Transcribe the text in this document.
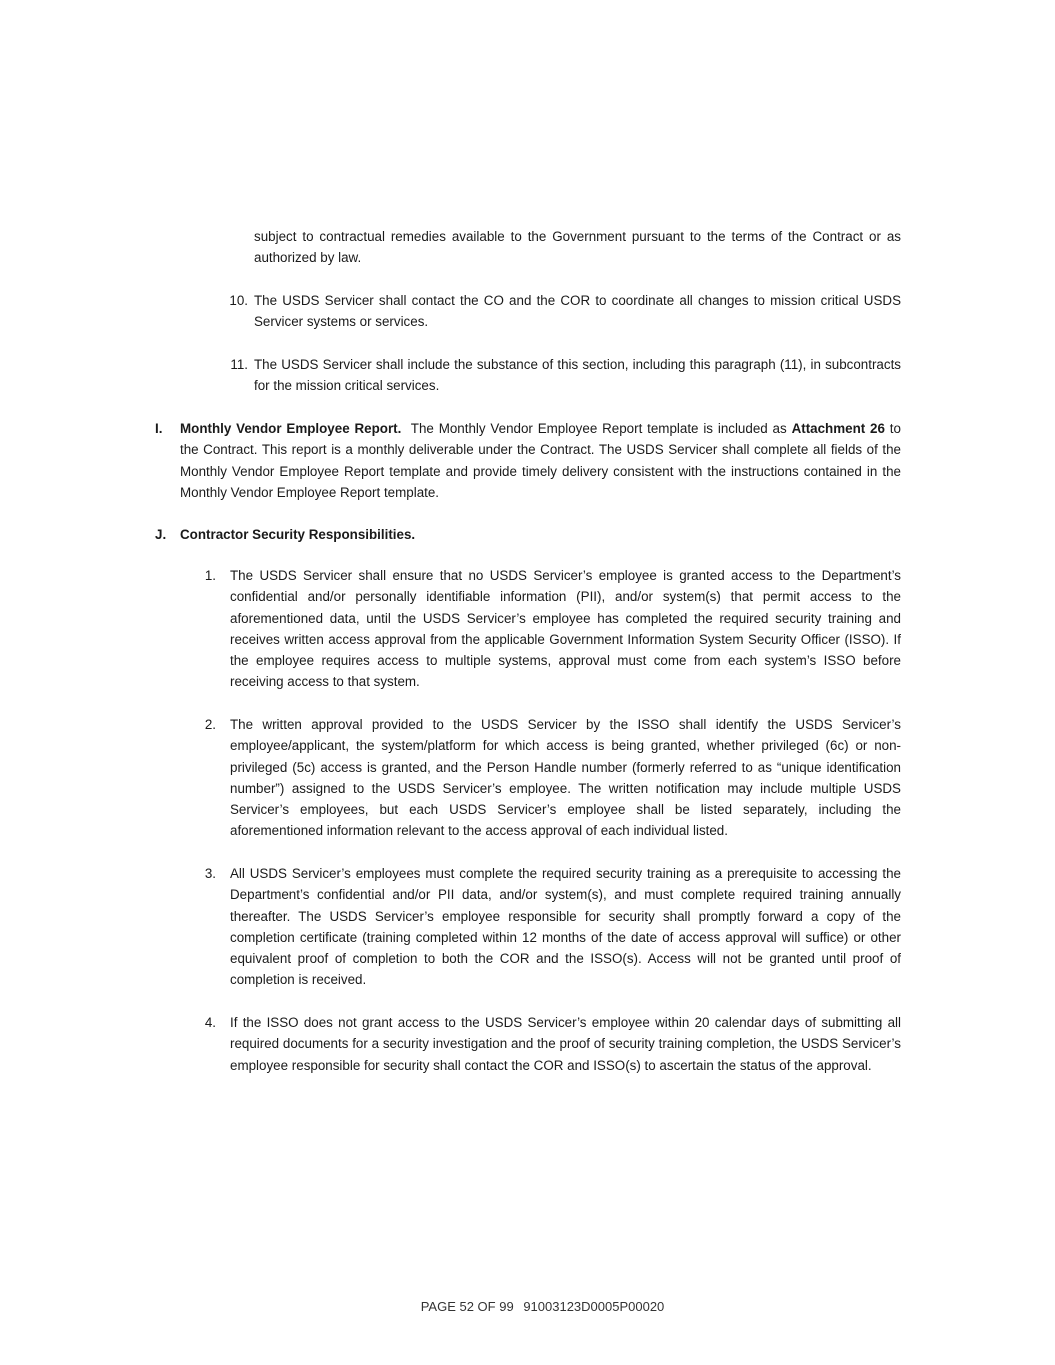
subject to contractual remedies available to the Government pursuant to the terms of the Contract or as authorized by law.

10. The USDS Servicer shall contact the CO and the COR to coordinate all changes to mission critical USDS Servicer systems or services.

11. The USDS Servicer shall include the substance of this section, including this paragraph (11), in subcontracts for the mission critical services.

I. Monthly Vendor Employee Report. The Monthly Vendor Employee Report template is included as Attachment 26 to the Contract. This report is a monthly deliverable under the Contract. The USDS Servicer shall complete all fields of the Monthly Vendor Employee Report template and provide timely delivery consistent with the instructions contained in the Monthly Vendor Employee Report template.

J. Contractor Security Responsibilities.
1. The USDS Servicer shall ensure that no USDS Servicer’s employee is granted access to the Department’s confidential and/or personally identifiable information (PII), and/or system(s) that permit access to the aforementioned data, until the USDS Servicer’s employee has completed the required security training and receives written access approval from the applicable Government Information System Security Officer (ISSO). If the employee requires access to multiple systems, approval must come from each system’s ISSO before receiving access to that system.

2. The written approval provided to the USDS Servicer by the ISSO shall identify the USDS Servicer’s employee/applicant, the system/platform for which access is being granted, whether privileged (6c) or non-privileged (5c) access is granted, and the Person Handle number (formerly referred to as “unique identification number”) assigned to the USDS Servicer’s employee. The written notification may include multiple USDS Servicer’s employees, but each USDS Servicer’s employee shall be listed separately, including the aforementioned information relevant to the access approval of each individual listed.

3. All USDS Servicer’s employees must complete the required security training as a prerequisite to accessing the Department’s confidential and/or PII data, and/or system(s), and must complete required training annually thereafter. The USDS Servicer’s employee responsible for security shall promptly forward a copy of the completion certificate (training completed within 12 months of the date of access approval will suffice) or other equivalent proof of completion to both the COR and the ISSO(s). Access will not be granted until proof of completion is received.

4. If the ISSO does not grant access to the USDS Servicer’s employee within 20 calendar days of submitting all required documents for a security investigation and the proof of security training completion, the USDS Servicer’s employee responsible for security shall contact the COR and ISSO(s) to ascertain the status of the approval.

PAGE 52 OF 99 91003123D0005P00020
